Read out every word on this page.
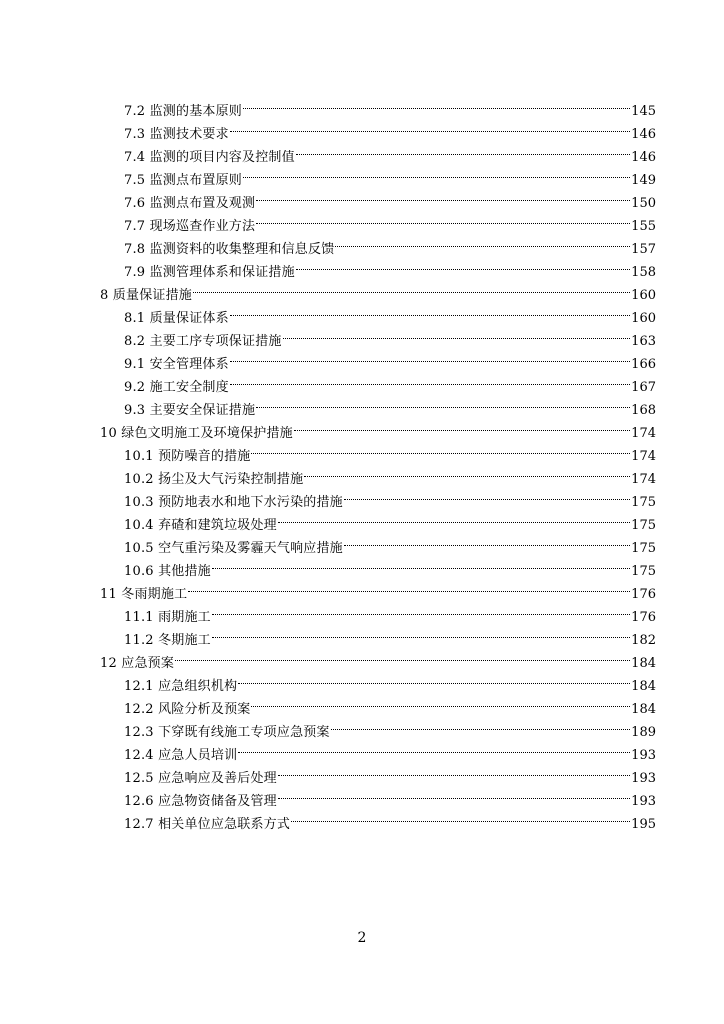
7.2 监测的基本原则	145
7.3 监测技术要求	146
7.4 监测的项目内容及控制值	146
7.5 监测点布置原则	149
7.6 监测点布置及观测	150
7.7 现场巡查作业方法	155
7.8 监测资料的收集整理和信息反馈	157
7.9 监测管理体系和保证措施	158
8 质量保证措施	160
8.1 质量保证体系	160
8.2 主要工序专项保证措施	163
9.1 安全管理体系	166
9.2 施工安全制度	167
9.3 主要安全保证措施	168
10 绿色文明施工及环境保护措施	174
10.1 预防噪音的措施	174
10.2 扬尘及大气污染控制措施	174
10.3 预防地表水和地下水污染的措施	175
10.4 弃碴和建筑垃圾处理	175
10.5 空气重污染及雾霾天气响应措施	175
10.6 其他措施	175
11 冬雨期施工	176
11.1 雨期施工	176
11.2 冬期施工	182
12 应急预案	184
12.1 应急组织机构	184
12.2 风险分析及预案	184
12.3 下穿既有线施工专项应急预案	189
12.4 应急人员培训	193
12.5 应急响应及善后处理	193
12.6 应急物资储备及管理	193
12.7 相关单位应急联系方式	195
2
